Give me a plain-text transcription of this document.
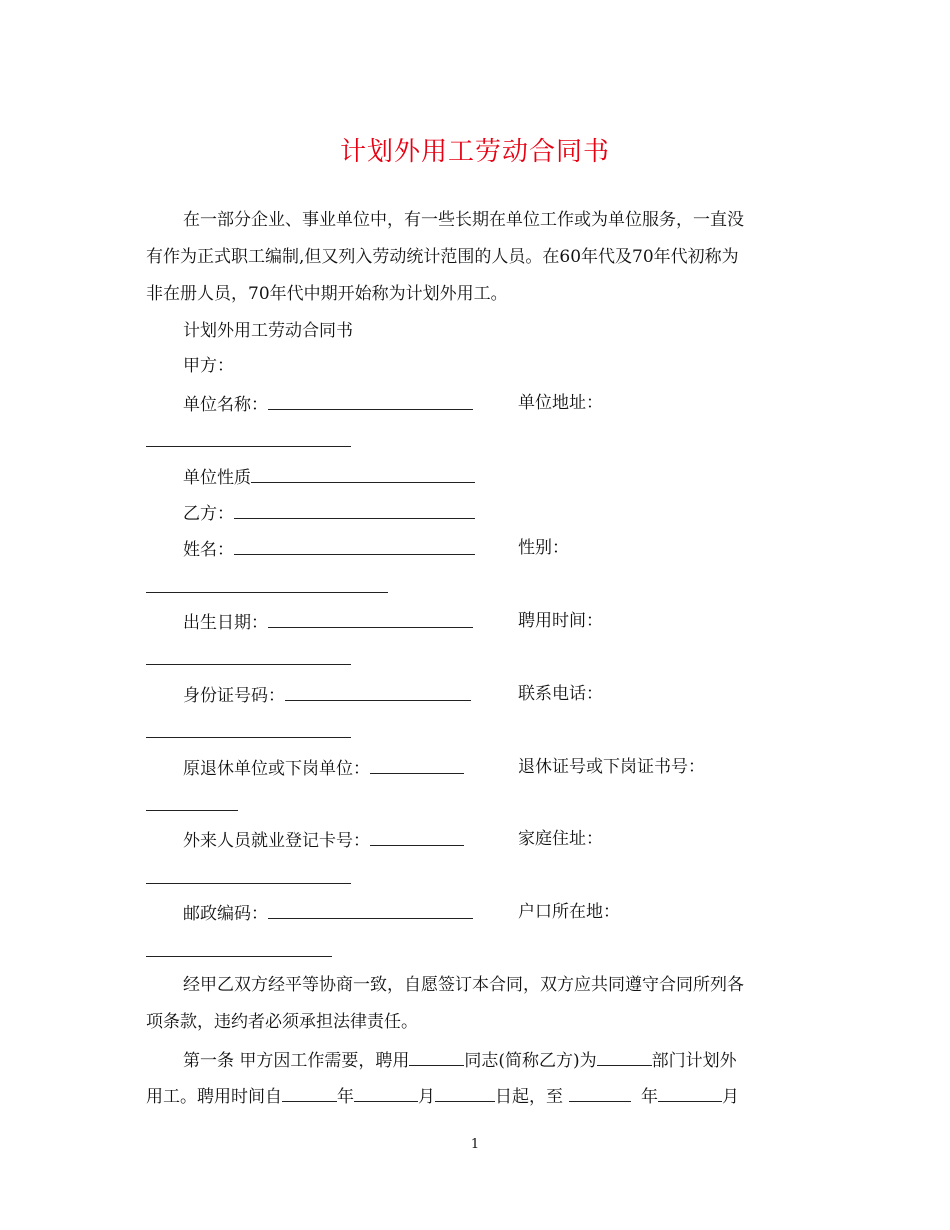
计划外用工劳动合同书
在一部分企业、事业单位中，有一些长期在单位工作或为单位服务，一直没
有作为正式职工编制,但又列入劳动统计范围的人员。在60年代及70年代初称为
非在册人员，70年代中期开始称为计划外用工。
计划外用工劳动合同书
甲方：
单位名称：	单位地址：
单位性质
乙方：
姓名：	性别：
出生日期：	聘用时间：
身份证号码：	联系电话：
原退休单位或下岗单位：	退休证号或下岗证书号：
外来人员就业登记卡号：	家庭住址：
邮政编码：	户口所在地：
经甲乙双方经平等协商一致，自愿签订本合同，双方应共同遵守合同所列各
项条款，违约者必须承担法律责任。
第一条 甲方因工作需要，聘用	同志(简称乙方)为	部门计划外
用工。聘用时间自	年	月	日起，至	年	月
1
